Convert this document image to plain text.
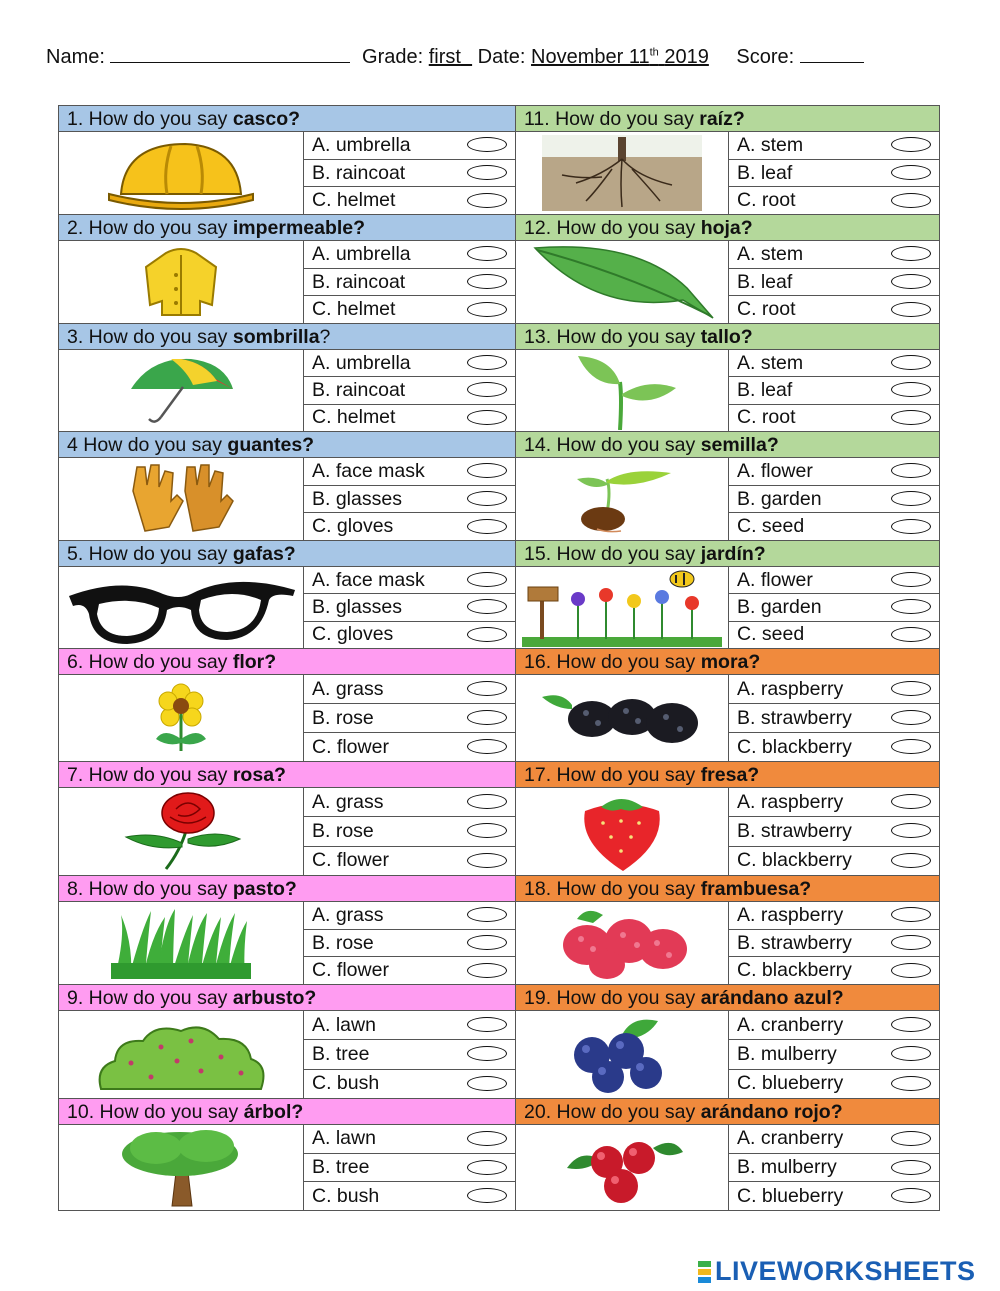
Name:	Grade: first Date: November 11th 2019 Score:
1. How do you say casco?
A. umbrella
B. raincoat
C. helmet
2. How do you say impermeable?
A. umbrella
B. raincoat
C. helmet
3. How do you say sombrilla?
A. umbrella
B. raincoat
C. helmet
4 How do you say guantes?
A. face mask
B. glasses
C. gloves
5. How do you say gafas?
A. face mask
B. glasses
C. gloves
6. How do you say flor?
A. grass
B. rose
C. flower
7. How do you say rosa?
A. grass
B. rose
C. flower
8. How do you say pasto?
A. grass
B. rose
C. flower
9. How do you say arbusto?
A. lawn
B. tree
C. bush
10. How do you say árbol?
A. lawn
B. tree
C. bush
11. How do you say raíz?
A. stem
B. leaf
C. root
12. How do you say hoja?
A. stem
B. leaf
C. root
13. How do you say tallo?
A. stem
B. leaf
C. root
14. How do you say semilla?
A. flower
B. garden
C. seed
15. How do you say jardín?
A. flower
B. garden
C. seed
16. How do you say mora?
A. raspberry
B. strawberry
C. blackberry
17. How do you say fresa?
A. raspberry
B. strawberry
C. blackberry
18. How do you say frambuesa?
A. raspberry
B. strawberry
C. blackberry
19. How do you say arándano azul?
A. cranberry
B. mulberry
C. blueberry
20. How do you say arándano rojo?
A. cranberry
B. mulberry
C. blueberry
LIVEWORKSHEETS
